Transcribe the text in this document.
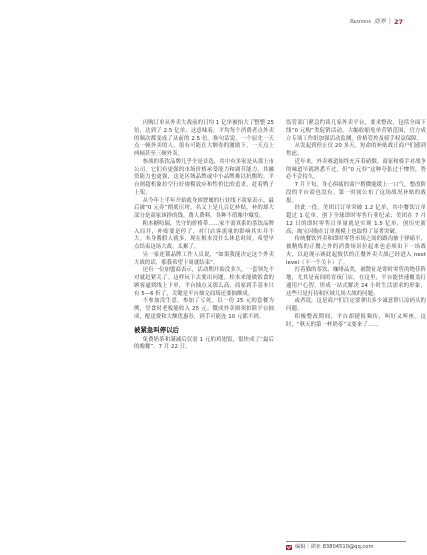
Business 商界 | 27

闪购订单从外卖大战前的日均 1 亿单被抬大了整整 25 倍，达到了 2.5 亿单。这意味着，平均每个消费者点外卖的频次都变成了从前的 2.5 倍。换句话说，一个原先一天点一顿外卖的人，很有可能在大额券的激励下，一天点上两顿甚至三顿外卖。

参战的茶饮品牌几乎全是首选，其中有多家是从那上市公司。它们有更强的市场价格承受能力和调节能力，其融资能力也更强，这是区域品牌或中小品牌难以抗衡的。平台则超机象拉空行好规模效应和性价比的追求，赶着鸭子上架。

从今年上半年开始就身困窘履的行业线下商家表示，最后被“0 元券”彻底压垮，名义上是几百亿补贴，补的却大部分是商家该挣的钱。费人费料，各种不值像中爆发。

粗本糖哈瑞，失守的价格带……家不需真系的茶饮品牌入局并，补贴要是停了，对门店客流量的影响其实并不大。本身酱假人就多，现在根本没什么休息时间。希望早点结束这场大战，太累了。

另一家连锁品牌工作人员说，“如果我能决定这个外卖大战的话，那我希望下周就结束”。

还有一位加盟商表示，活动期开始没多久，一套领先不对就赶紧关了。这样玩下去要出问题。栓本来能做饭食的顾客逼到线上下单，平台抽点又那么高，商家到手基本只有 5—6 折了，关键是平台抽完商场还要抽额成。

不参加没生意，参加了亏死，以一份 25 元的套餐为例，堂食时老板能收入 25 元；微成外卖则须扣除平台抽成，配送费和大额优惠券，到手可能连 10 元都不到。

被紧急叫停以后

免费奶茶和满减后仅需 1 元的鸡翅饭，很快成了“最后的晚餐”。7 月 22 日，

监管部门紧急约谈几家外卖平台，要求整改，包括全面下线“0 元购”类促销活动，大幅收缩免单营销范围，官方成立专项工作组加强活动监测，价格管控及骑手权益保障。

从发起到停止仅 20 多天，短命的补贴战让商户们感到焦虑。

近年来，外卖赛道始终充斥着硝烟。商家和骑手对战争的味道早就熟悉不过，但“0 元券”这种夸张过于惨烈，势必不会持久。

7 月下旬，身心俱疲的商户稍微能缓上一口气，整改阶段的平台商也没有。第一时间公布了这场战况补贴的战报。

经此一役，美团日订单突破 1.2 亿单，其中餐饮订单超过 1 亿单，创下全球即时零售行业纪录；美团在 7 月 12 日的即时零售日单量就是实现 1.5 亿单，创历史新高；淘宝闪购在订单规模上也取得了显著突破。

传统餐饮外卖和即时零售市场之间的路沟被于弹痛平，被精炼的正餐之外的消费场景拉起来也必须由下一场战火，以迫现示赛此起彼伏的正餐外卖大战已经进入 next level（下一个关卡）了。

打着猫的茶饮、咖啡品类，被散征是即时零售的绝佳阵地，尤其是夜间的宵夜门店。在这里，平台能快速覆盖打通用户心智，形成一站式解决 24 小时生活需求的形象，这些只是打持和区域几场大战的问题。

或者说，这是商户们注定要拿出多少诚意帮只凉码头的问题。

积极整改期间，平台却捷报频传，叫好又叫座。这时，“秋天的第一杯奶茶”又要来了……

编辑｜谭亚 83804510@qq.com
